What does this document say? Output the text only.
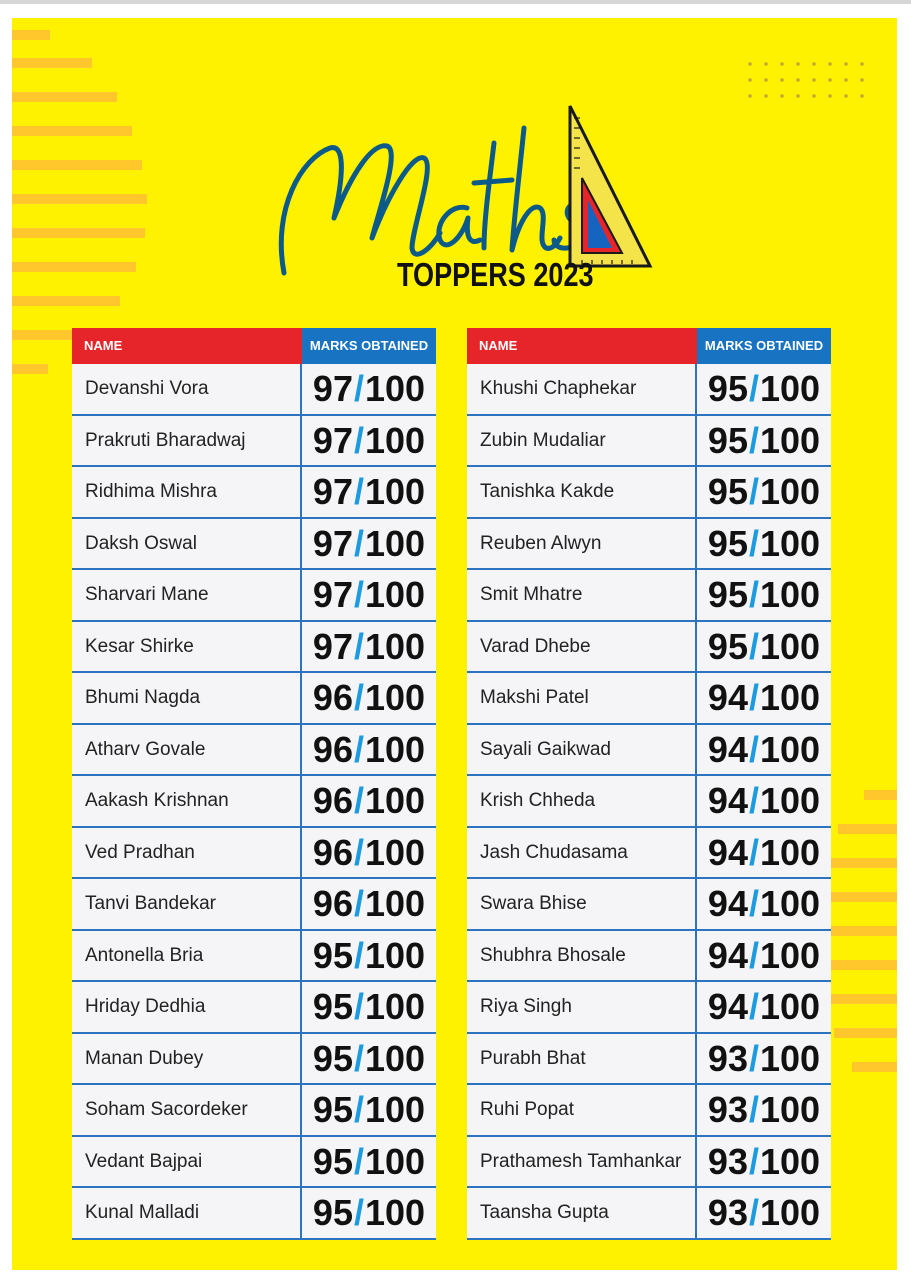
TOPPERS 2023
NAME	MARKS OBTAINED
Devanshi Vora	97/100
Prakruti Bharadwaj	97/100
Ridhima Mishra	97/100
Daksh Oswal	97/100
Sharvari Mane	97/100
Kesar Shirke	97/100
Bhumi Nagda	96/100
Atharv Govale	96/100
Aakash Krishnan	96/100
Ved Pradhan	96/100
Tanvi Bandekar	96/100
Antonella Bria	95/100
Hriday Dedhia	95/100
Manan Dubey	95/100
Soham Sacordeker	95/100
Vedant Bajpai	95/100
Kunal Malladi	95/100
NAME	MARKS OBTAINED
Khushi Chaphekar	95/100
Zubin Mudaliar	95/100
Tanishka Kakde	95/100
Reuben Alwyn	95/100
Smit Mhatre	95/100
Varad Dhebe	95/100
Makshi Patel	94/100
Sayali Gaikwad	94/100
Krish Chheda	94/100
Jash Chudasama	94/100
Swara Bhise	94/100
Shubhra Bhosale	94/100
Riya Singh	94/100
Purabh Bhat	93/100
Ruhi Popat	93/100
Prathamesh Tamhankar 93/100
Taansha Gupta	93/100
